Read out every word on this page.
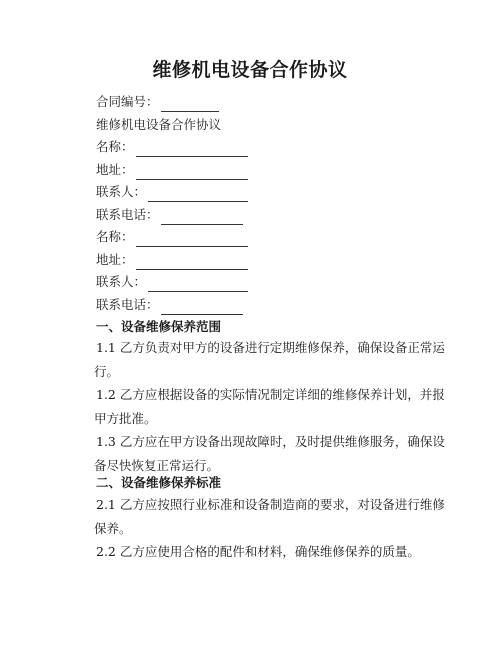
维修机电设备合作协议
合同编号：
维修机电设备合作协议
名称：
地址：
联系人：
联系电话：
名称：
地址：
联系人：
联系电话：
一、设备维修保养范围
1.1 乙方负责对甲方的设备进行定期维修保养，确保设备正常运
行。
1.2 乙方应根据设备的实际情况制定详细的维修保养计划，并报
甲方批准。
1.3 乙方应在甲方设备出现故障时，及时提供维修服务，确保设
备尽快恢复正常运行。
二、设备维修保养标准
2.1 乙方应按照行业标准和设备制造商的要求，对设备进行维修
保养。
2.2 乙方应使用合格的配件和材料，确保维修保养的质量。
